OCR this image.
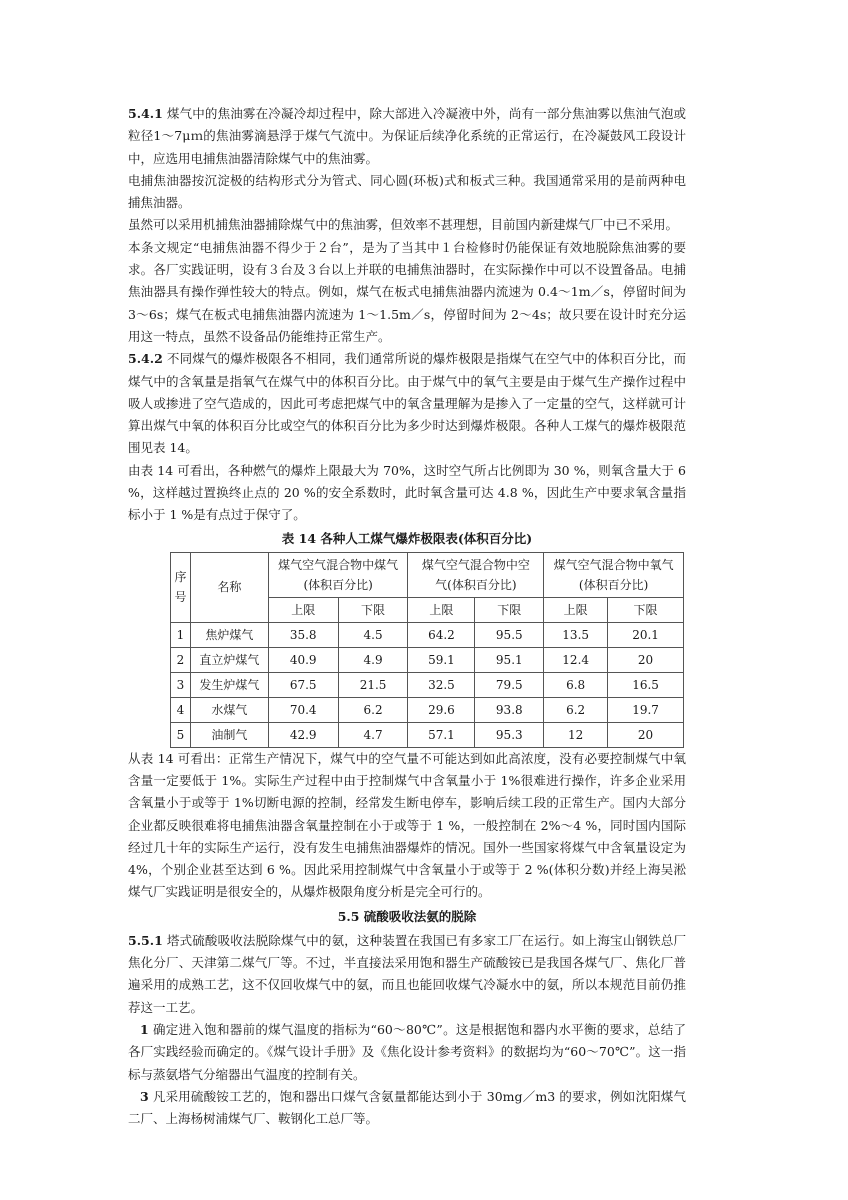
5.4.1 煤气中的焦油雾在冷凝冷却过程中，除大部进入冷凝液中外，尚有一部分焦油雾以焦油气泡或粒径1～7μｍ的焦油雾滴悬浮于煤气气流中。为保证后续净化系统的正常运行，在冷凝鼓风工段设计中，应选用电捕焦油器清除煤气中的焦油雾。

电捕焦油器按沉淀极的结构形式分为管式、同心圆(环板)式和板式三种。我国通常采用的是前两种电捕焦油器。

虽然可以采用机捕焦油器捕除煤气中的焦油雾，但效率不甚理想，目前国内新建煤气厂中已不采用。

本条文规定“电捕焦油器不得少于２台”，是为了当其中１台检修时仍能保证有效地脱除焦油雾的要求。各厂实践证明，设有３台及３台以上并联的电捕焦油器时，在实际操作中可以不设置备品。电捕焦油器具有操作弹性较大的特点。例如，煤气在板式电捕焦油器内流速为 0.4～1m／s，停留时间为 3～6s；煤气在板式电捕焦油器内流速为 1～1.5m／s，停留时间为 2～4s；故只要在设计时充分运用这一特点，虽然不设备品仍能维持正常生产。

5.4.2 不同煤气的爆炸极限各不相同，我们通常所说的爆炸极限是指煤气在空气中的体积百分比，而煤气中的含氧量是指氧气在煤气中的体积百分比。由于煤气中的氧气主要是由于煤气生产操作过程中吸人或掺进了空气造成的，因此可考虑把煤气中的氧含量理解为是掺入了一定量的空气，这样就可计算出煤气中氧的体积百分比或空气的体积百分比为多少时达到爆炸极限。各种人工煤气的爆炸极限范围见表 14。

由表 14 可看出，各种燃气的爆炸上限最大为 70%，这时空气所占比例即为 30 %，则氧含量大于 6 %，这样越过置换终止点的 20 %的安全系数时，此时氧含量可达 4.8 %，因此生产中要求氧含量指标小于 1 %是有点过于保守了。

表 14 各种人工煤气爆炸极限表(体积百分比)
序号	名称	煤气空气混合物中煤气(体积百分比)		煤气空气混合物中空气(体积百分比)		煤气空气混合物中氧气(体积百分比)	
		上限	下限	上限	下限	上限	下限
1	焦炉煤气	35.8	4.5	64.2	95.5	13.5	20.1
2	直立炉煤气	40.9	4.9	59.1	95.1	12.4	20
3	发生炉煤气	67.5	21.5	32.5	79.5	6.8	16.5
4	水煤气	70.4	6.2	29.6	93.8	6.2	19.7
5	油制气	42.9	4.7	57.1	95.3	12	20

从表 14 可看出：正常生产情况下，煤气中的空气量不可能达到如此高浓度，没有必要控制煤气中氧含量一定要低于 1%。实际生产过程中由于控制煤气中含氧量小于 1%很难进行操作，许多企业采用含氧量小于或等于 1%切断电源的控制，经常发生断电停车，影响后续工段的正常生产。国内大部分企业都反映很难将电捕焦油器含氧量控制在小于或等于 1 %，一般控制在 2%～4 %，同时国内国际经过几十年的实际生产运行，没有发生电捕焦油器爆炸的情况。国外一些国家将煤气中含氧量设定为 4%，个别企业甚至达到 6 %。因此采用控制煤气中含氧量小于或等于 2 %(体积分数)并经上海吴淞煤气厂实践证明是很安全的，从爆炸极限角度分析是完全可行的。

5.5 硫酸吸收法氨的脱除

5.5.1 塔式硫酸吸收法脱除煤气中的氨，这种装置在我国已有多家工厂在运行。如上海宝山钢铁总厂焦化分厂、天津第二煤气厂等。不过，半直接法采用饱和器生产硫酸铵已是我国各煤气厂、焦化厂普遍采用的成熟工艺，这不仅回收煤气中的氨，而且也能回收煤气冷凝水中的氨，所以本规范目前仍推荐这一工艺。

1 确定进入饱和器前的煤气温度的指标为“60～80℃”。这是根据饱和器内水平衡的要求，总结了各厂实践经验而确定的。《煤气设计手册》及《焦化设计参考资料》的数据均为“60～70℃”。这一指标与蒸氨塔气分缩器出气温度的控制有关。

3 凡采用硫酸铵工艺的，饱和器出口煤气含氨量都能达到小于 30mg／m3 的要求，例如沈阳煤气二厂、上海杨树浦煤气厂、鞍钢化工总厂等。
